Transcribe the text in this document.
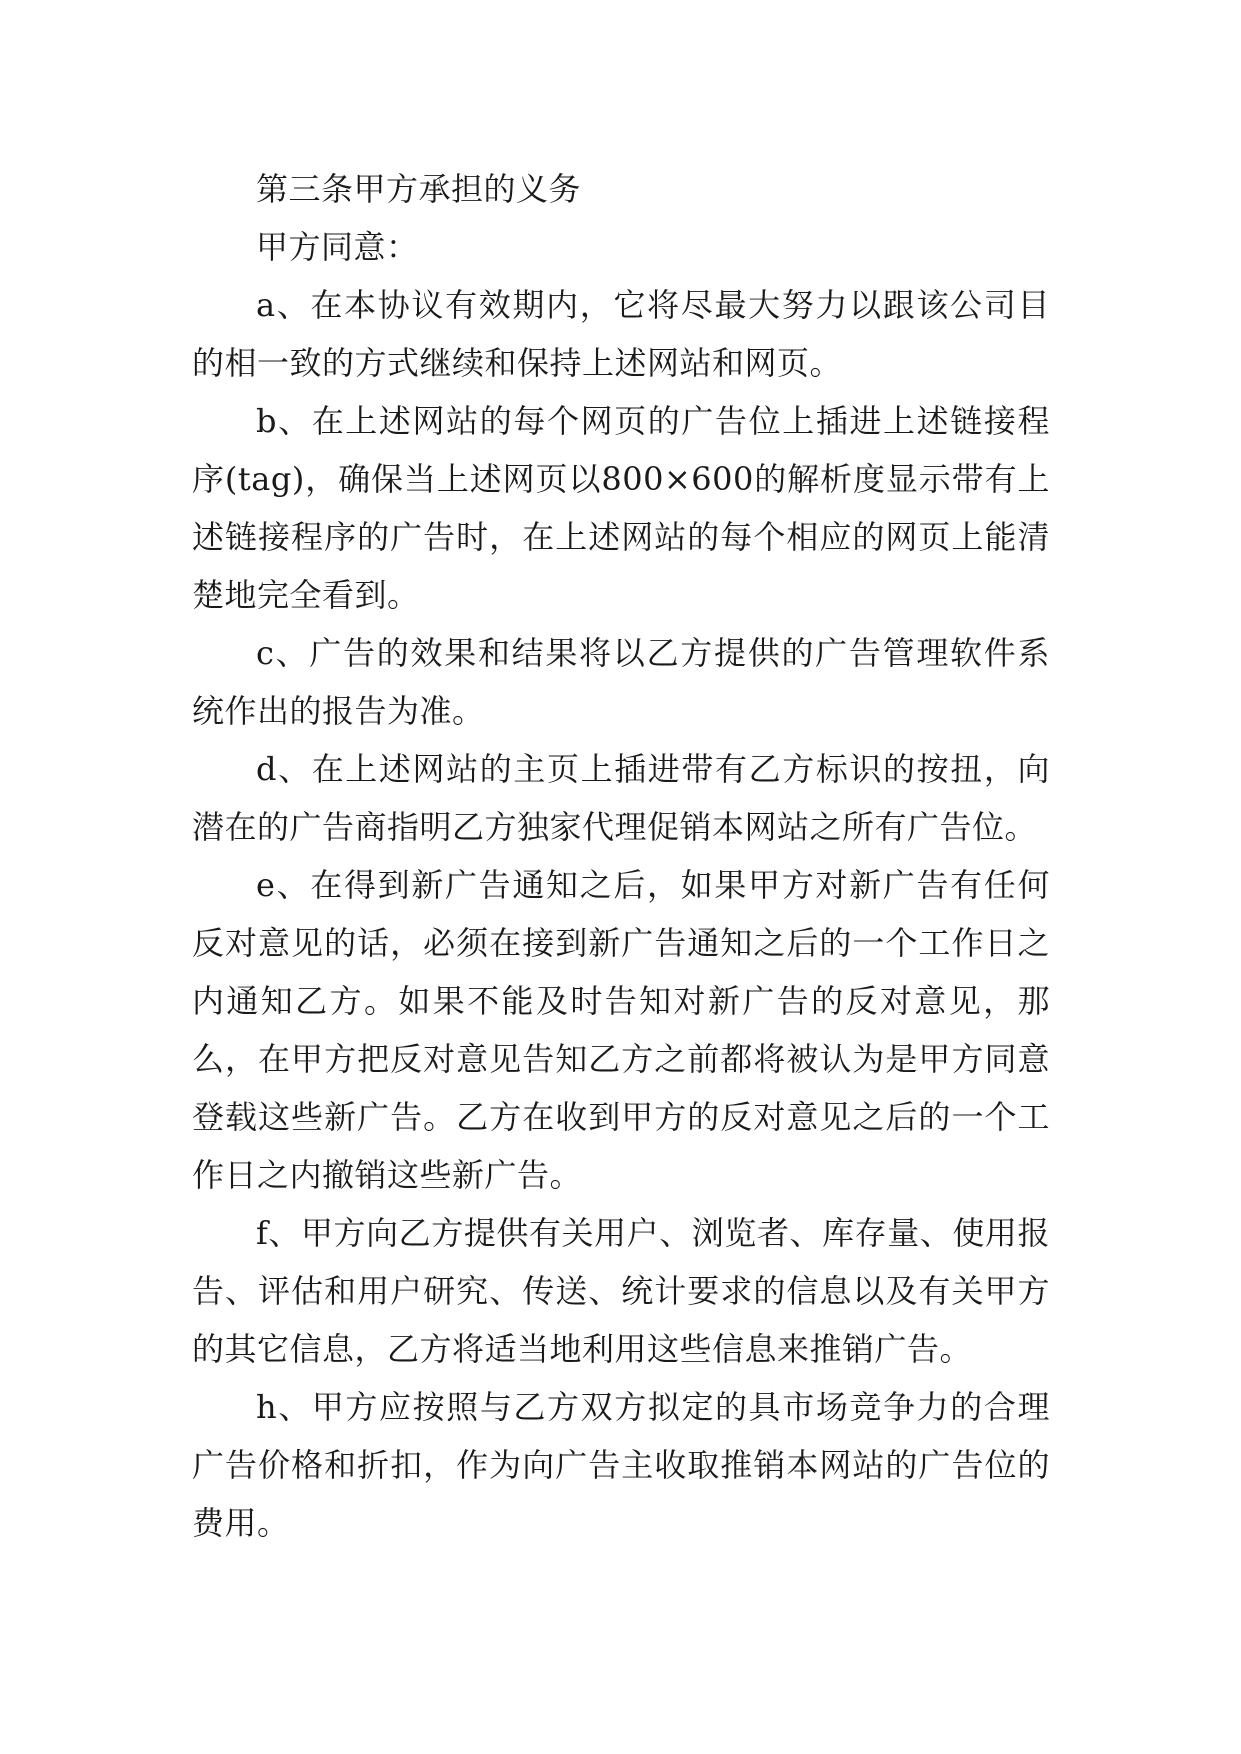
第三条甲方承担的义务

甲方同意：

a、在本协议有效期内，它将尽最大努力以跟该公司目的相一致的方式继续和保持上述网站和网页。

b、在上述网站的每个网页的广告位上插进上述链接程序(tag)，确保当上述网页以800×600的解析度显示带有上述链接程序的广告时，在上述网站的每个相应的网页上能清楚地完全看到。

c、广告的效果和结果将以乙方提供的广告管理软件系统作出的报告为准。

d、在上述网站的主页上插进带有乙方标识的按扭，向潜在的广告商指明乙方独家代理促销本网站之所有广告位。

e、在得到新广告通知之后，如果甲方对新广告有任何反对意见的话，必须在接到新广告通知之后的一个工作日之内通知乙方。如果不能及时告知对新广告的反对意见，那么，在甲方把反对意见告知乙方之前都将被认为是甲方同意登载这些新广告。乙方在收到甲方的反对意见之后的一个工作日之内撤销这些新广告。

f、甲方向乙方提供有关用户、浏览者、库存量、使用报告、评估和用户研究、传送、统计要求的信息以及有关甲方的其它信息，乙方将适当地利用这些信息来推销广告。

h、甲方应按照与乙方双方拟定的具市场竞争力的合理广告价格和折扣，作为向广告主收取推销本网站的广告位的费用。
